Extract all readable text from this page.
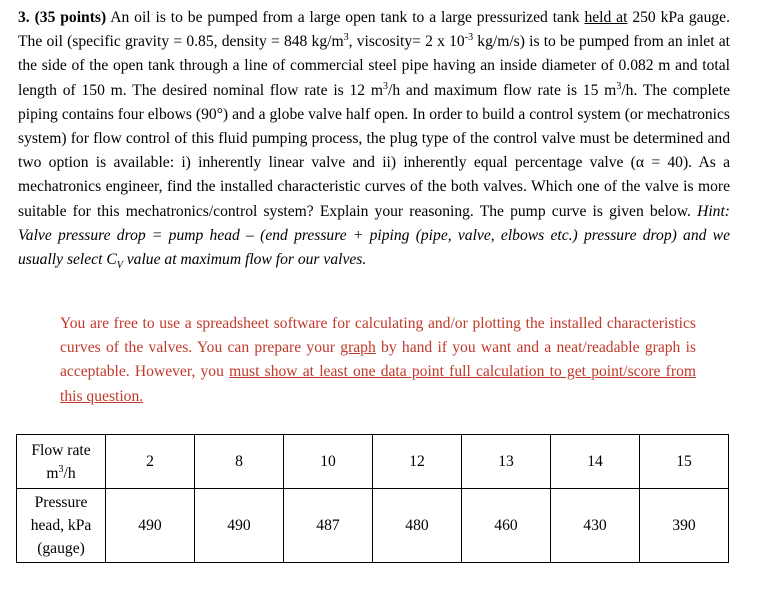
3. (35 points) An oil is to be pumped from a large open tank to a large pressurized tank held at 250 kPa gauge. The oil (specific gravity = 0.85, density = 848 $kg/m^3$, viscosity= 2 x $10^{-3}$ kg/m/s) is to be pumped from an inlet at the side of the open tank through a line of commercial steel pipe having an inside diameter of 0.082 m and total length of 150 m. The desired nominal flow rate is 12 $m^3/h$ and maximum flow rate is 15 $m^3/h$. The complete piping contains four elbows (90°) and a globe valve half open. In order to build a control system (or mechatronics system) for flow control of this fluid pumping process, the plug type of the control valve must be determined and two option is available: i) inherently linear valve and ii) inherently equal percentage valve (α = 40). As a mechatronics engineer, find the installed characteristic curves of the both valves. Which one of the valve is more suitable for this mechatronics/control system? Explain your reasoning. The pump curve is given below. Hint: Valve pressure drop = pump head – (end pressure + piping (pipe, valve, elbows etc.) pressure drop) and we usually select $C_V$ value at maximum flow for our valves.

You are free to use a spreadsheet software for calculating and/or plotting the installed characteristics curves of the valves. You can prepare your graph by hand if you want and a neat/readable graph is acceptable. However, you must show at least one data point full calculation to get point/score from this question.

Flow rate
$m^3/h$	2	8	10	12	13	14	15
Pressure
head, kPa
(gauge)	490	490	487	480	460	430	390
